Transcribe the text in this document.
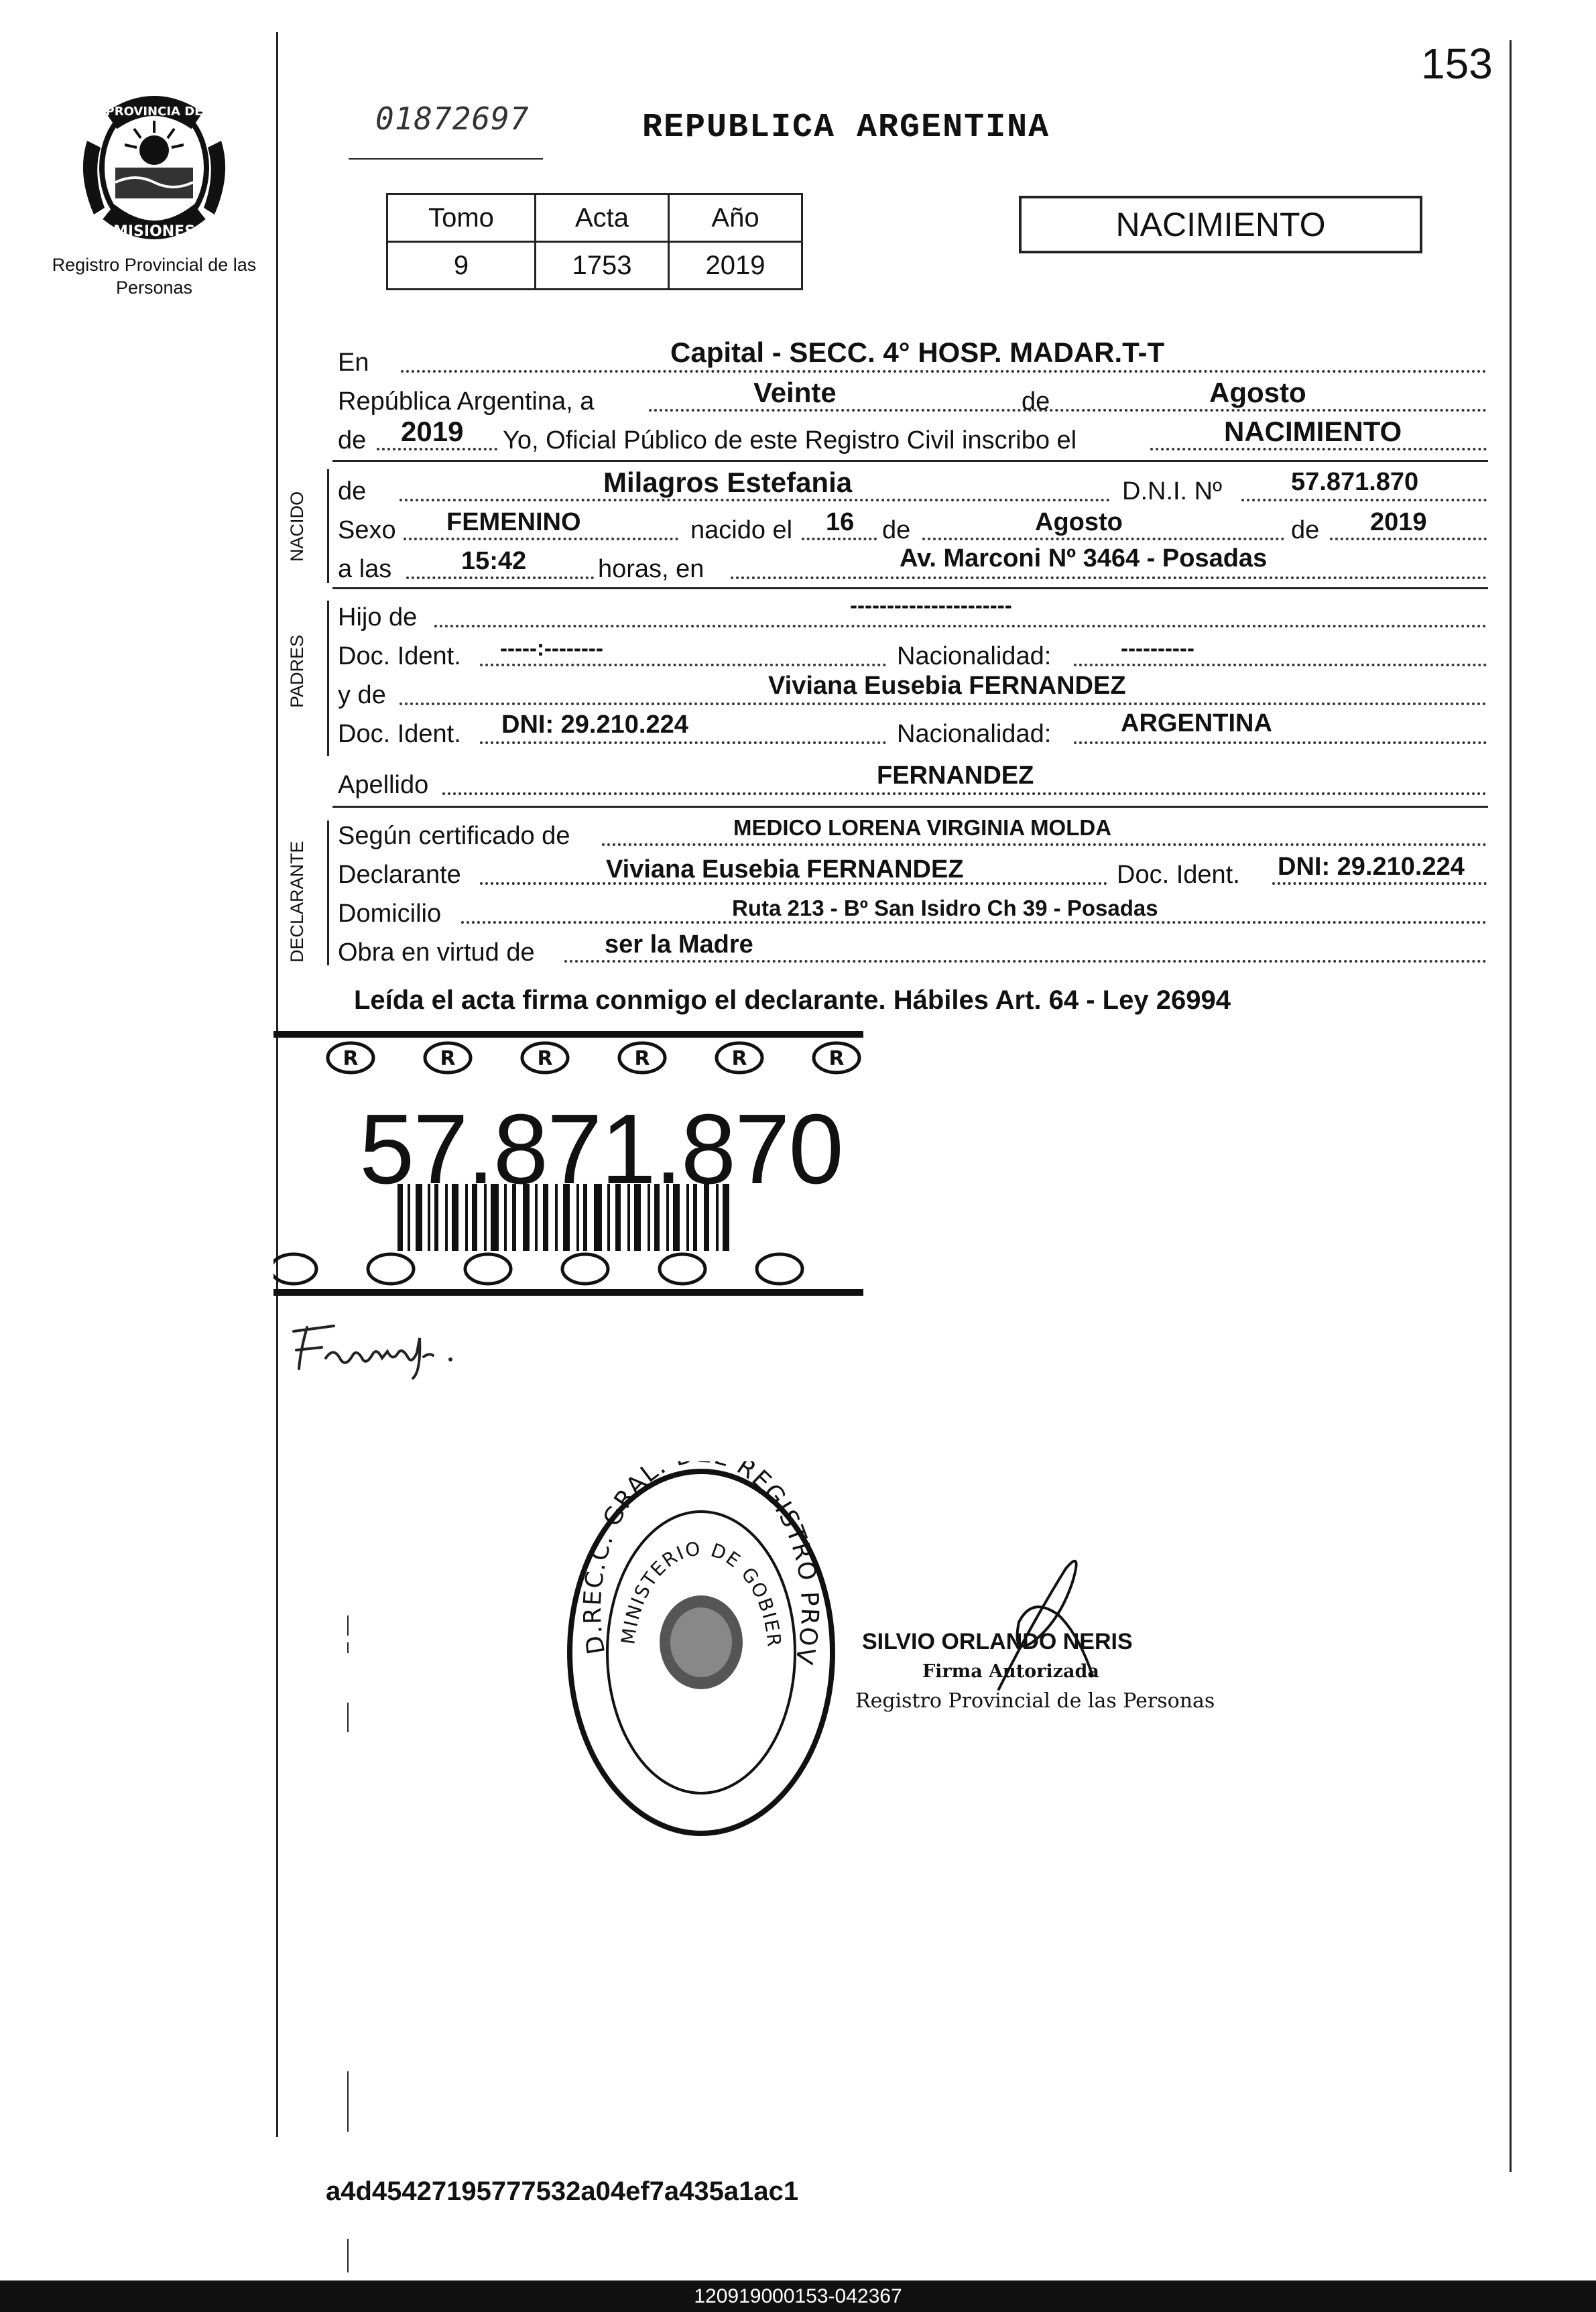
PROVINCIA DE
MISIONES
Registro Provincial de las Personas
153
01872697	REPUBLICA ARGENTINA
Tomo	Acta	Año
9	1753	2019
NACIMIENTO
En	Capital - SECC. 4° HOSP. MADAR.T-T
República Argentina, a	Veinte	de	Agosto
de 2019 Yo, Oficial Público de este Registro Civil inscribo el	NACIMIENTO
NACIDO de	Milagros Estefania	D.N.I. Nº	57.871.870
Sexo FEMENINO	nacido el 16 de	Agosto	de 2019
a las	15:42	horas, en	Av. Marconi Nº 3464 - Posadas
PADRES
Hijo de	----------------------
Doc. Ident. -----:--------	Nacionalidad:	----------
y de	Viviana Eusebia FERNANDEZ
Doc. Ident. DNI: 29.210.224	Nacionalidad:	ARGENTINA
Apellido	FERNANDEZ
DECLARANTE
Según certificado de	MEDICO LORENA VIRGINIA MOLDA
Declarante	Viviana Eusebia FERNANDEZ	Doc. Ident. DNI: 29.210.224
Domicilio	Ruta 213 - Bº San Isidro Ch 39 - Posadas
Obra en virtud de	ser la Madre
Leída el acta firma conmigo el declarante. Hábiles Art. 64 - Ley 26994
R	R	R	R	R	R
57.871.870
D.REC.C. GRAL. REGISTRO PROV
MINISTERIO DE GOBIER	SILVIO ORLANDO NERIS
Firma Autorizada
Registro Provincial de las Personas
a4d45427195777532a04ef7a435a1ac1
120919000153-042367
